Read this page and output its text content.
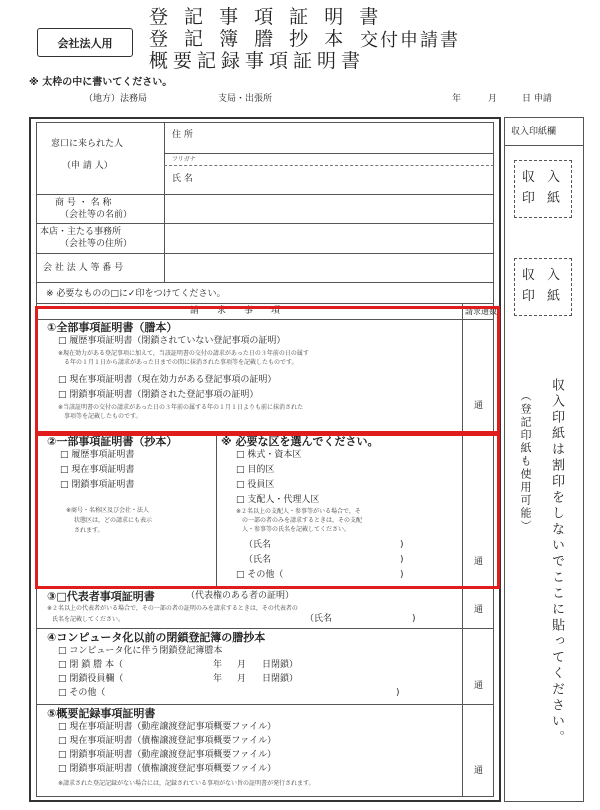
会社法人用
登 記 事 項 証 明 書
登 記 簿 謄 抄 本
概要記録事項証明書
交付申請書
※ 太枠の中に書いてください。
（地方）法務局	支局・出張所	年	月	日 申請
窓口に来られた人
（申 請 人）
住 所
フリガナ
氏 名
商 号 ・ 名 称
（会社等の名前）
本店・主たる事務所
（会社等の住所）
会 社 法 人 等 番 号
※ 必要なものの□に✓印をつけてください。
請　　求　　事　　項	請求通数
①全部事項証明書（謄本）
□ 履歴事項証明書（閉鎖されていない登記事項の証明）
※現在効力がある登記事項に加えて，当該証明書の交付の請求があった日の３年前の日の属す
る年の１月１日から請求があった日までの間に抹消された事項等を記載したものです。
□ 現在事項証明書（現在効力がある登記事項の証明）
□ 閉鎖事項証明書（閉鎖された登記事項の証明）
※当該証明書の交付の請求があった日の３年前の属する年の１月１日よりも前に抹消された
事項等を記載したものです。
通
②一部事項証明書（抄本）
□ 履歴事項証明書
□ 現在事項証明書
□ 閉鎖事項証明書
※商号・名称区及び会社・法人
状態区は，どの請求にも表示
されます。
※ 必要な区を選んでください。
□ 株式・資本区
□ 目的区
□ 役員区
□ 支配人・代理人区
※２名以上の支配人・参事等がいる場合で，そ
の一部の者のみを請求するときは，その支配
人・参事等の氏名を記載してください。
（氏名	)
（氏名	)
□ その他（	)
通
③□代表者事項証明書	（代表権のある者の証明）
※２名以上の代表者がいる場合で，その一部の者の証明のみを請求するときは，その代表者の
氏名を記載してください。	（氏名	)
通
④コンピュータ化以前の閉鎖登記簿の謄抄本
□ コンピュータ化に伴う閉鎖登記簿謄本
□ 閉 鎖 謄 本（	年 月 日閉鎖）
□ 閉鎖役員欄（	年 月 日閉鎖）
□ その他（	)
通
⑤概要記録事項証明書
□ 現在事項証明書（動産譲渡登記事項概要ファイル）
□ 現在事項証明書（債権譲渡登記事項概要ファイル）
□ 閉鎖事項証明書（動産譲渡登記事項概要ファイル）
□ 閉鎖事項証明書（債権譲渡登記事項概要ファイル）
※請求された登記記録がない場合には，記録されている事項がない旨の証明書が発行されます。
通
収入印紙欄
収 入
印 紙
収 入
印 紙
（登記印紙も使用可能） 収入印紙は割印をしないでここに貼ってください。
